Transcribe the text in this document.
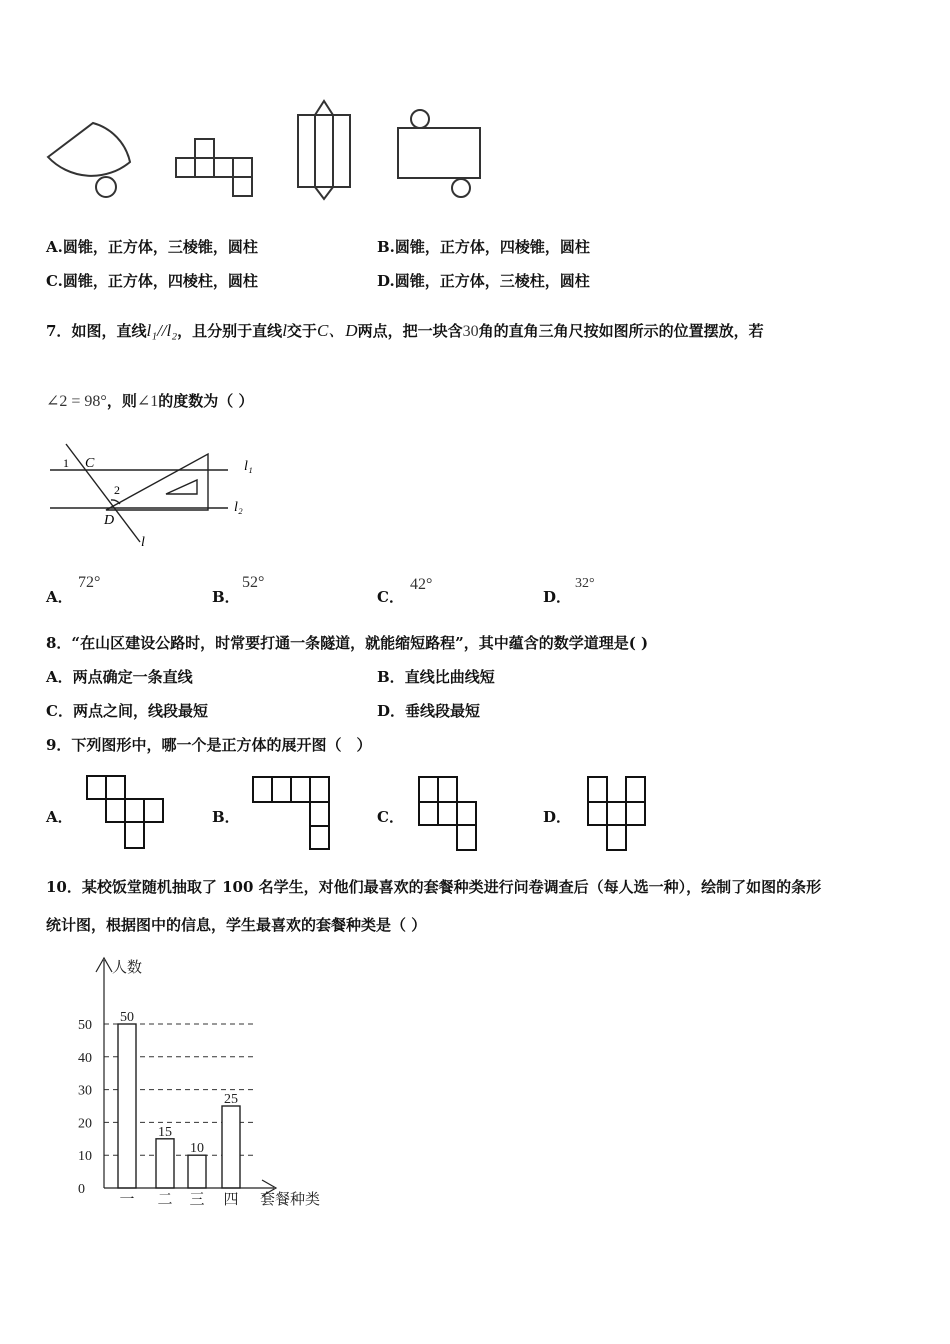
A.圆锥，正方体，三棱锥，圆柱	B.圆锥，正方体，四棱锥，圆柱
C.圆锥，正方体，四棱柱，圆柱	D.圆锥，正方体，三棱柱，圆柱
7．如图，直线l₁//l₂，且分别于直线l交于C、D两点，把一块含30角的直角三角尺按如图所示的位置摆放，若
∠2 = 98°，则∠1的度数为（ ）
l₁
l₂
l
C
D
1
2
A．
72°
B．
52°
C．
42°
D．
32°
8．“在山区建设公路时，时常要打通一条隧道，就能缩短路程”，其中蕴含的数学道理是( )
A．两点确定一条直线	B．直线比曲线短
C．两点之间，线段最短	D．垂线段最短
9．下列图形中，哪一个是正方体的展开图（　）
A．	B．	C．	D．
10．某校饭堂随机抽取了 100 名学生，对他们最喜欢的套餐种类进行问卷调查后（每人选一种），绘制了如图的条形
统计图，根据图中的信息，学生最喜欢的套餐种类是（ ）
0
10
20
30
40
50
50
一
15
二
10
三
25
四
人数
套餐种类
